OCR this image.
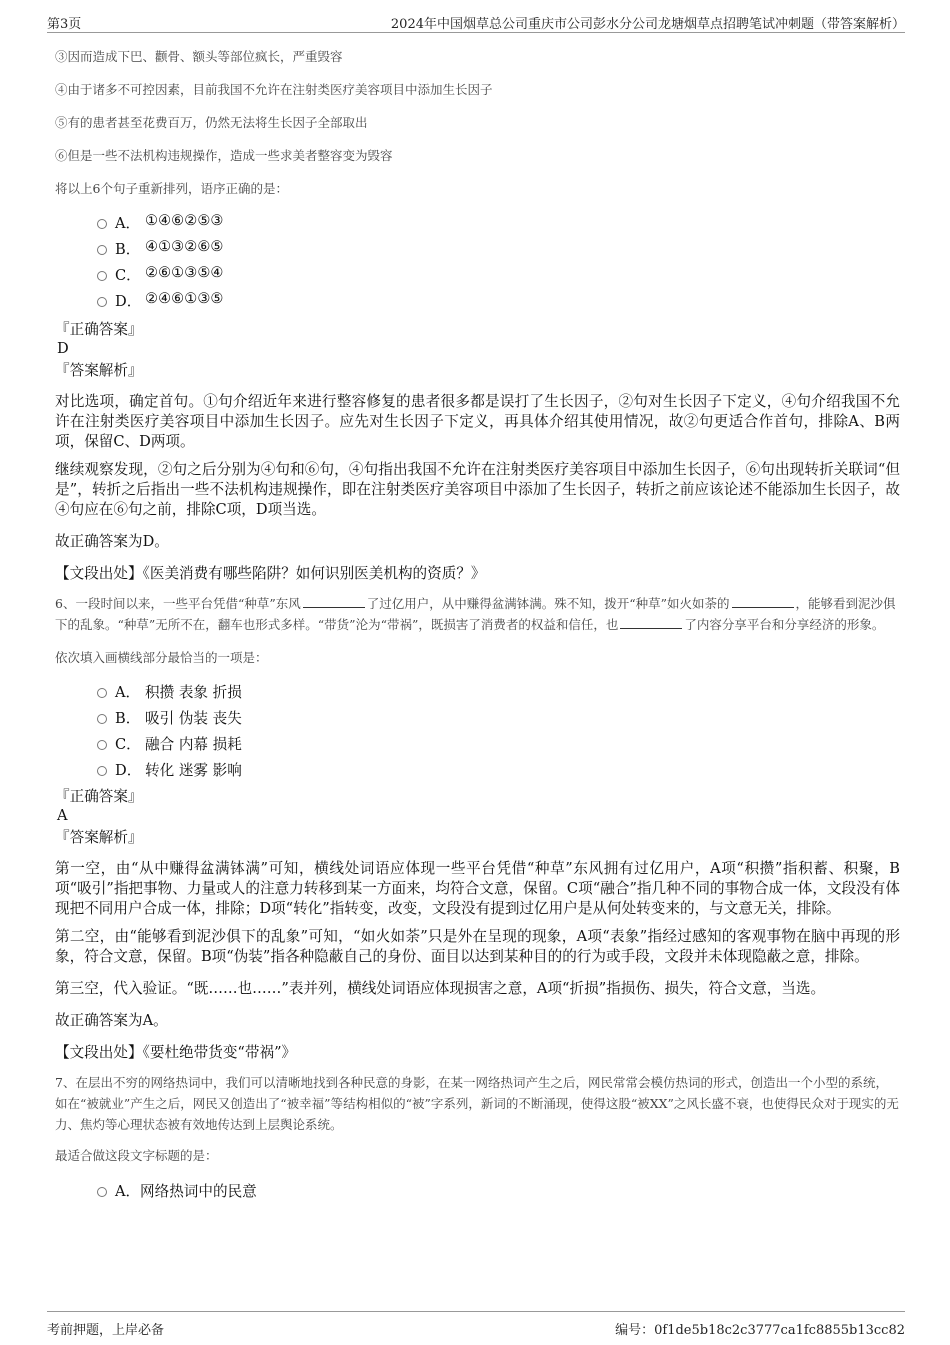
第3页	2024年中国烟草总公司重庆市公司彭水分公司龙塘烟草点招聘笔试冲刺题（带答案解析）

③因而造成下巴、颧骨、额头等部位疯长，严重毁容

④由于诸多不可控因素，目前我国不允许在注射类医疗美容项目中添加生长因子

⑤有的患者甚至花费百万，仍然无法将生长因子全部取出

⑥但是一些不法机构违规操作，造成一些求美者整容变为毁容

将以上6个句子重新排列，语序正确的是：

A． ①④⑥②⑤③
B． ④①③②⑥⑤
C． ②⑥①③⑤④
D． ②④⑥①③⑤

『正确答案』

D

『答案解析』

对比选项，确定首句。①句介绍近年来进行整容修复的患者很多都是误打了生长因子，②句对生长因子下定义，④句介绍我国不允许在注射类医疗美容项目中添加生长因子。应先对生长因子下定义，再具体介绍其使用情况，故②句更适合作首句，排除A、B两项，保留C、D两项。

继续观察发现，②句之后分别为④句和⑥句，④句指出我国不允许在注射类医疗美容项目中添加生长因子，⑥句出现转折关联词“但是”，转折之后指出一些不法机构违规操作，即在注射类医疗美容项目中添加了生长因子，转折之前应该论述不能添加生长因子，故④句应在⑥句之前，排除C项，D项当选。

故正确答案为D。

【文段出处】《医美消费有哪些陷阱？如何识别医美机构的资质？》

6、一段时间以来，一些平台凭借“种草”东风	了过亿用户，从中赚得盆满钵满。殊不知，拨开“种草”如火如荼的	，能够看到泥沙俱下的乱象。“种草”无所不在，翻车也形式多样。“带货”沦为“带祸”，既损害了消费者的权益和信任，也	了内容分享平台和分享经济的形象。

依次填入画横线部分最恰当的一项是：

A． 积攒 表象 折损
B． 吸引 伪装 丧失
C． 融合 内幕 损耗
D． 转化 迷雾 影响

『正确答案』

A

『答案解析』

第一空，由“从中赚得盆满钵满”可知，横线处词语应体现一些平台凭借“种草”东风拥有过亿用户，A项“积攒”指积蓄、积聚，B项“吸引”指把事物、力量或人的注意力转移到某一方面来，均符合文意，保留。C项“融合”指几种不同的事物合成一体，文段没有体现把不同用户合成一体，排除；D项“转化”指转变，改变，文段没有提到过亿用户是从何处转变来的，与文意无关，排除。

第二空，由“能够看到泥沙俱下的乱象”可知，“如火如荼”只是外在呈现的现象，A项“表象”指经过感知的客观事物在脑中再现的形象，符合文意，保留。B项“伪装”指各种隐蔽自己的身份、面目以达到某种目的的行为或手段，文段并未体现隐蔽之意，排除。

第三空，代入验证。“既……也……”表并列，横线处词语应体现损害之意，A项“折损”指损伤、损失，符合文意，当选。

故正确答案为A。

【文段出处】《要杜绝带货变“带祸”》

7、在层出不穷的网络热词中，我们可以清晰地找到各种民意的身影，在某一网络热词产生之后，网民常常会模仿热词的形式，创造出一个小型的系统，如在“被就业”产生之后，网民又创造出了“被幸福”等结构相似的“被”字系列，新词的不断涌现，使得这股“被XX”之风长盛不衰，也使得民众对于现实的无力、焦灼等心理状态被有效地传达到上层舆论系统。

最适合做这段文字标题的是：

A． 网络热词中的民意
考前押题，上岸必备	编号：0f1de5b18c2c3777ca1fc8855b13cc82
